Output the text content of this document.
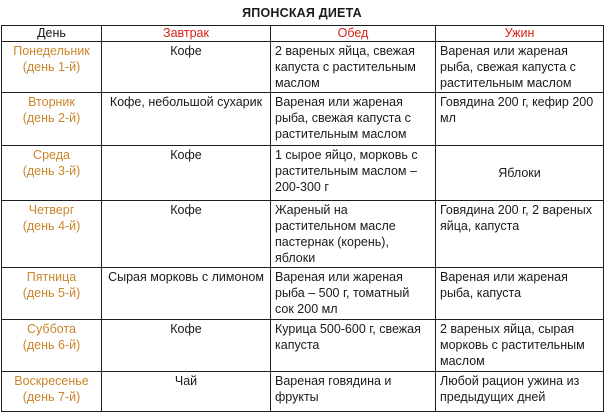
ЯПОНСКАЯ ДИЕТА
День	Завтрак	Обед	Ужин

Понедельник
(день 1-й)	Кофе	2 вареных яйца, свежая капуста с растительным маслом	Вареная или жареная рыба, свежая капуста с растительным маслом

Вторник
(день 2-й)	Кофе, небольшой сухарик	Вареная или жареная рыба, свежая капуста с растительным маслом	Говядина 200 г, кефир 200 мл

Среда
(день 3-й)	Кофе	1 сырое яйцо, морковь с растительным маслом – 200-300 г	Яблоки

Четверг
(день 4-й)	Кофе	Жареный на растительном масле пастернак (корень), яблоки	Говядина 200 г, 2 вареных яйца, капуста

Пятница
(день 5-й)	Сырая морковь с лимоном	Вареная или жареная рыба – 500 г, томатный сок 200 мл	Вареная или жареная рыба, капуста

Суббота
(день 6-й)	Кофе	Курица 500-600 г, свежая капуста	2 вареных яйца, сырая морковь с растительным маслом

Воскресенье
(день 7-й)	Чай	Вареная говядина и фрукты	Любой рацион ужина из предыдущих дней
